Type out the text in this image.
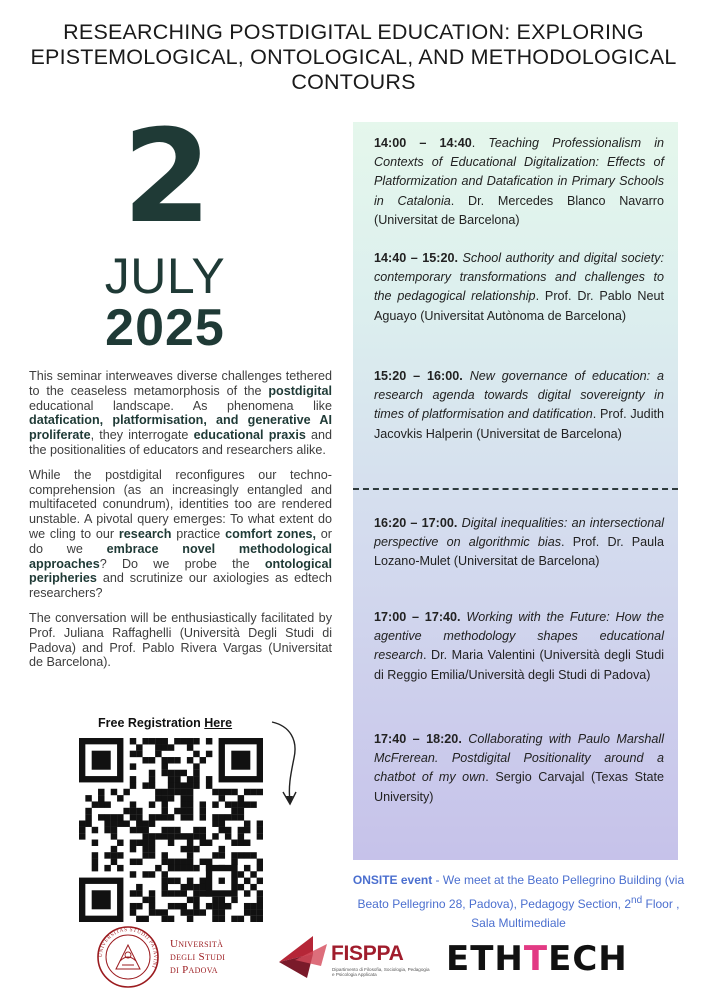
RESEARCHING POSTDIGITAL EDUCATION: EXPLORING EPISTEMOLOGICAL, ONTOLOGICAL, AND METHODOLOGICAL CONTOURS
2
JULY
2025

This seminar interweaves diverse challenges tethered to the ceaseless metamorphosis of the postdigital educational landscape. As phenomena like datafication, platformisation, and generative AI proliferate, they interrogate educational praxis and the positionalities of educators and researchers alike.

While the postdigital reconfigures our techno-comprehension (as an increasingly entangled and multifaceted conundrum), identities too are rendered unstable. A pivotal query emerges: To what extent do we cling to our research practice comfort zones, or do we embrace novel methodological approaches? Do we probe the ontological peripheries and scrutinize our axiologies as edtech researchers?

The conversation will be enthusiastically facilitated by Prof. Juliana Raffaghelli (Università Degli Studi di Padova) and Prof. Pablo Rivera Vargas (Universitat de Barcelona).

Free Registration Here
14:00 – 14:40. Teaching Professionalism in Contexts of Educational Digitalization: Effects of Platformization and Datafication in Primary Schools in Catalonia. Dr. Mercedes Blanco Navarro (Universitat de Barcelona)
14:40 – 15:20. School authority and digital society: contemporary transformations and challenges to the pedagogical relationship. Prof. Dr. Pablo Neut Aguayo (Universitat Autònoma de Barcelona)
15:20 – 16:00. New governance of education: a research agenda towards digital sovereignty in times of platformisation and datification. Prof. Judith Jacovkis Halperin (Universitat de Barcelona)
16:20 – 17:00. Digital inequalities: an intersectional perspective on algorithmic bias. Prof. Dr. Paula Lozano-Mulet (Universitat de Barcelona)
17:00 – 17:40. Working with the Future: How the agentive methodology shapes educational research. Dr. Maria Valentini (Università degli Studi di Reggio Emilia/Università degli Studi di Padova)
17:40 – 18:20. Collaborating with Paulo Marshall McFrerean. Postdigital Positionality around a chatbot of my own. Sergio Carvajal (Texas State University)
ONSITE event - We meet at the Beato Pellegrino Building (via Beato Pellegrino 28, Padova), Pedagogy Section, 2nd Floor , Sala Multimediale
UNIVERSITAS STUDII PATAVINI
Università
degli Studi
di Padova
FISPPA
Dipartimento di Filosofia, Sociologia, Pedagogia e Psicologia Applicata	ETHTECH
